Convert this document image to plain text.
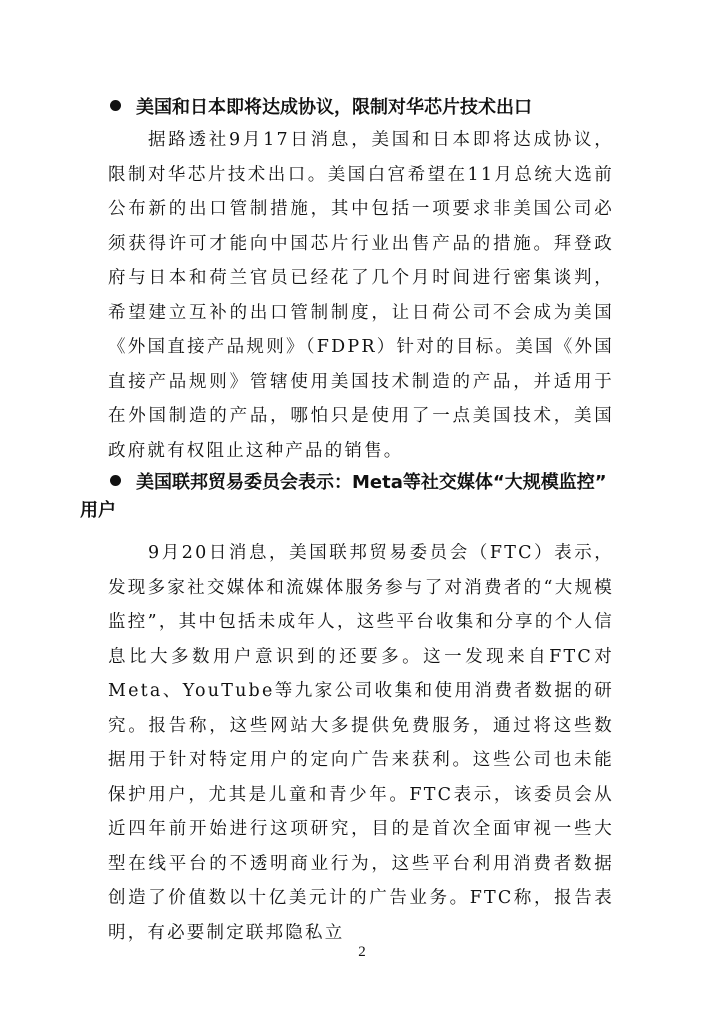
美国和日本即将达成协议，限制对华芯片技术出口
据路透社9月17日消息，美国和日本即将达成协议，限制对华芯片技术出口。美国白宫希望在11月总统大选前公布新的出口管制措施，其中包括一项要求非美国公司必须获得许可才能向中国芯片行业出售产品的措施。拜登政府与日本和荷兰官员已经花了几个月时间进行密集谈判，希望建立互补的出口管制制度，让日荷公司不会成为美国《外国直接产品规则》（FDPR）针对的目标。美国《外国直接产品规则》管辖使用美国技术制造的产品，并适用于在外国制造的产品，哪怕只是使用了一点美国技术，美国政府就有权阻止这种产品的销售。
美国联邦贸易委员会表示：Meta等社交媒体“大规模监控”
用户
9月20日消息，美国联邦贸易委员会（FTC）表示，发现多家社交媒体和流媒体服务参与了对消费者的“大规模监控”，其中包括未成年人，这些平台收集和分享的个人信息比大多数用户意识到的还要多。这一发现来自FTC对Meta、YouTube等九家公司收集和使用消费者数据的研究。报告称，这些网站大多提供免费服务，通过将这些数据用于针对特定用户的定向广告来获利。这些公司也未能保护用户，尤其是儿童和青少年。FTC表示，该委员会从近四年前开始进行这项研究，目的是首次全面审视一些大型在线平台的不透明商业行为，这些平台利用消费者数据创造了价值数以十亿美元计的广告业务。FTC称，报告表明，有必要制定联邦隐私立
2
